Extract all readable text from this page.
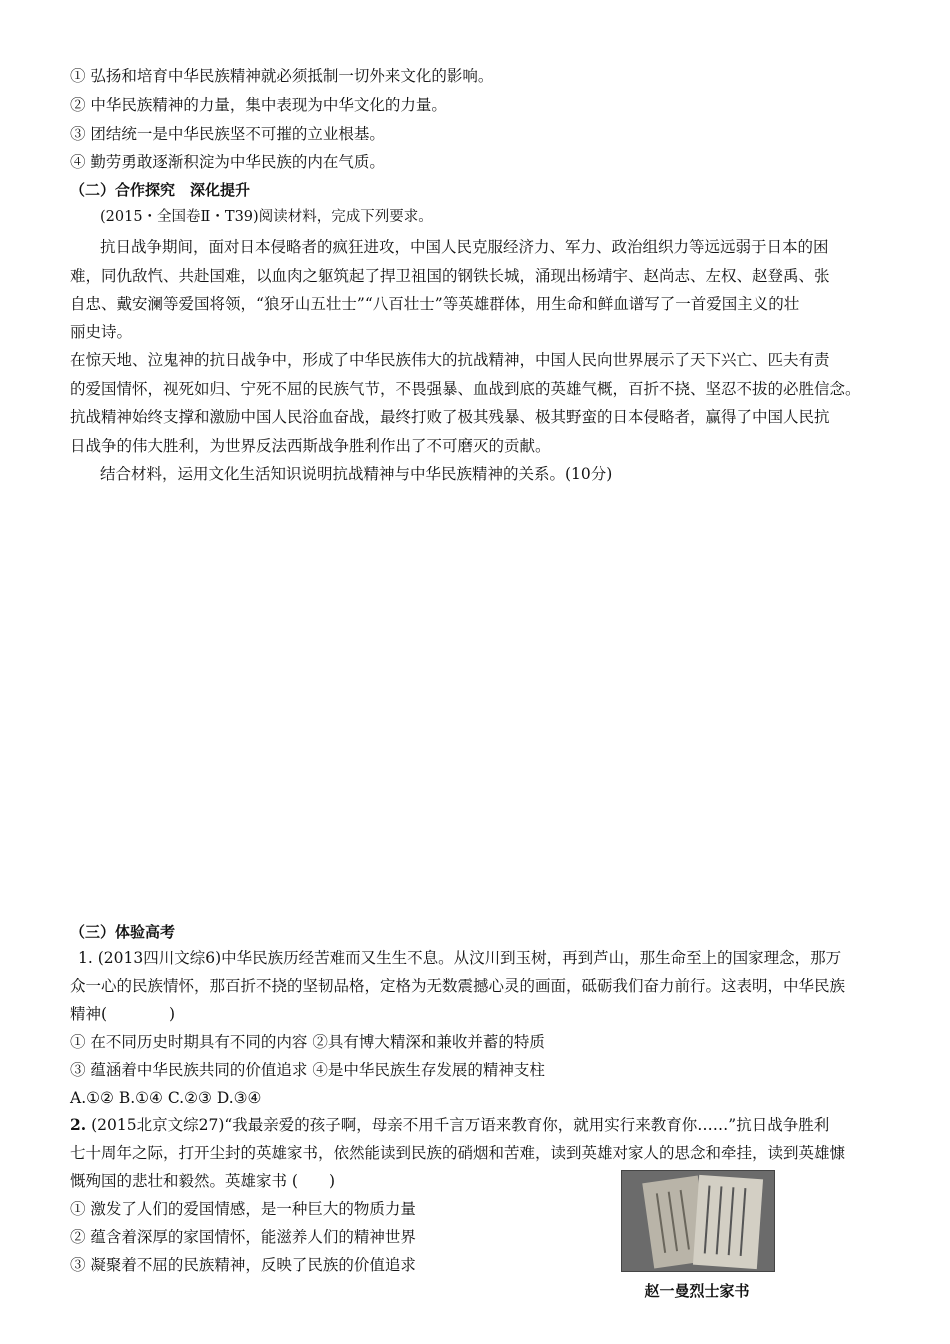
① 弘扬和培育中华民族精神就必须抵制一切外来文化的影响。
② 中华民族精神的力量，集中表现为中华文化的力量。
③ 团结统一是中华民族坚不可摧的立业根基。
④ 勤劳勇敢逐渐积淀为中华民族的内在气质。
（二）合作探究　深化提升
(2015・全国卷Ⅱ・T39)阅读材料，完成下列要求。
抗日战争期间，面对日本侵略者的疯狂进攻，中国人民克服经济力、军力、政治组织力等远远弱于日本的困
难，同仇敌忾、共赴国难，以血肉之躯筑起了捍卫祖国的钢铁长城，涌现出杨靖宇、赵尚志、左权、赵登禹、张
自忠、戴安澜等爱国将领，“狼牙山五壮士”“八百壮士”等英雄群体，用生命和鲜血谱写了一首爱国主义的壮
丽史诗。
在惊天地、泣鬼神的抗日战争中，形成了中华民族伟大的抗战精神，中国人民向世界展示了天下兴亡、匹夫有责
的爱国情怀，视死如归、宁死不屈的民族气节，不畏强暴、血战到底的英雄气概，百折不挠、坚忍不拔的必胜信念。
抗战精神始终支撑和激励中国人民浴血奋战，最终打败了极其残暴、极其野蛮的日本侵略者，赢得了中国人民抗
日战争的伟大胜利，为世界反法西斯战争胜利作出了不可磨灭的贡献。
结合材料，运用文化生活知识说明抗战精神与中华民族精神的关系。(10分)
（三）体验高考
1. (2013四川文综6)中华民族历经苦难而又生生不息。从汶川到玉树，再到芦山，那生命至上的国家理念，那万
众一心的民族情怀，那百折不挠的坚韧品格，定格为无数震撼心灵的画面，砥砺我们奋力前行。这表明，中华民族
精神(　　　　)
① 在不同历史时期具有不同的内容 ②具有博大精深和兼收并蓄的特质
③ 蕴涵着中华民族共同的价值追求 ④是中华民族生存发展的精神支柱
A.①② B.①④ C.②③ D.③④
2. (2015北京文综27)“我最亲爱的孩子啊，母亲不用千言万语来教育你，就用实行来教育你……”抗日战争胜利
七十周年之际，打开尘封的英雄家书，依然能读到民族的硝烟和苦难，读到英雄对家人的思念和牵挂，读到英雄慷
慨殉国的悲壮和毅然。英雄家书 (　　)
① 激发了人们的爱国情感，是一种巨大的物质力量
② 蕴含着深厚的家国情怀，能滋养人们的精神世界
③ 凝聚着不屈的民族精神，反映了民族的价值追求
赵一曼烈士家书
